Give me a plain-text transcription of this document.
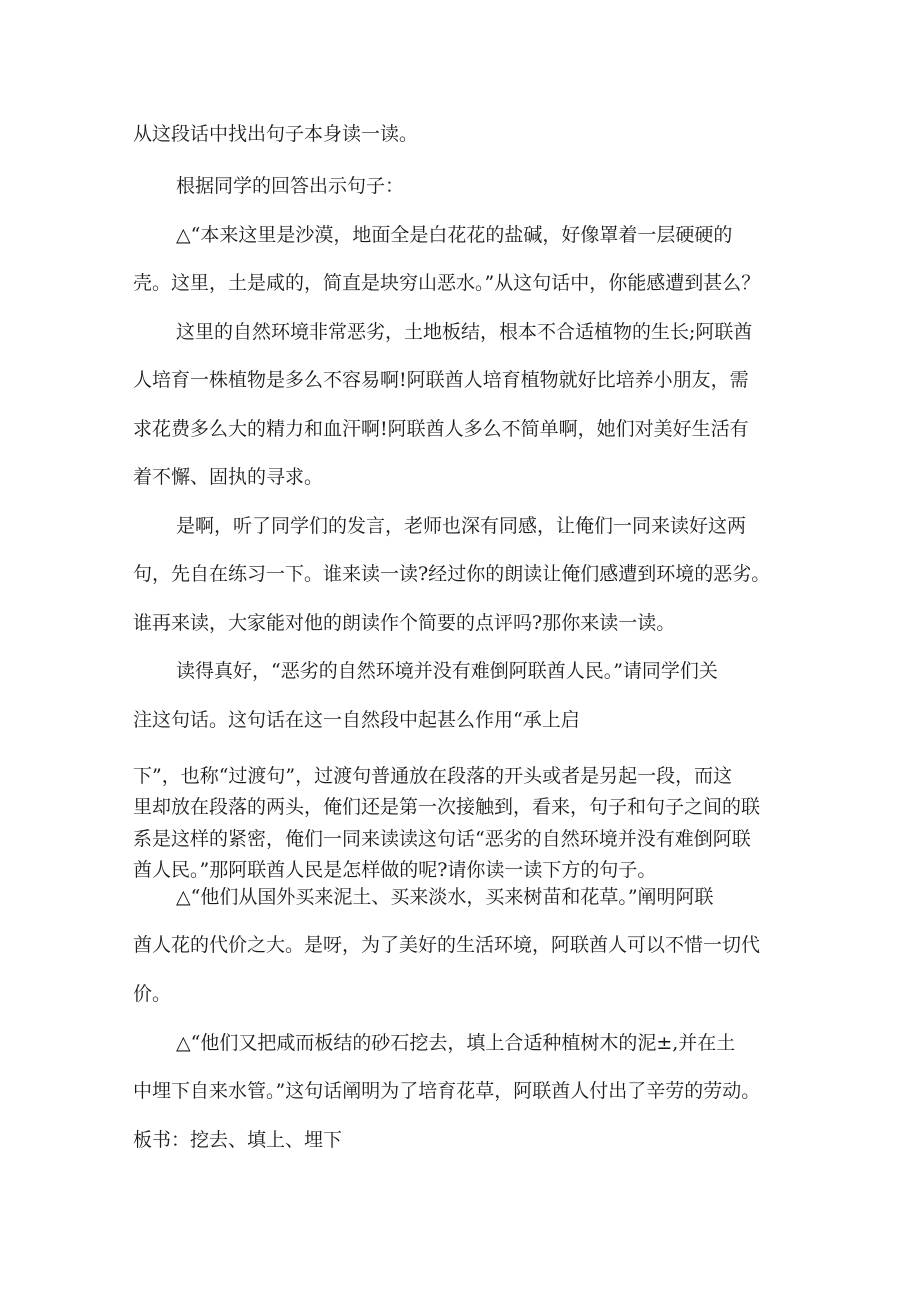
从这段话中找出句子本身读一读。
根据同学的回答出示句子：
△“本来这里是沙漠，地面全是白花花的盐碱，好像罩着一层硬硬的
壳。这里，土是咸的，简直是块穷山恶水。”从这句话中，你能感遭到甚么？
这里的自然环境非常恶劣，土地板结，根本不合适植物的生长;阿联酋
人培育一株植物是多么不容易啊!阿联酋人培育植物就好比培养小朋友，需
求花费多么大的精力和血汗啊!阿联酋人多么不简单啊，她们对美好生活有
着不懈、固执的寻求。
是啊，听了同学们的发言，老师也深有同感，让俺们一同来读好这两
句，先自在练习一下。谁来读一读?经过你的朗读让俺们感遭到环境的恶劣。
谁再来读，大家能对他的朗读作个简要的点评吗?那你来读一读。
读得真好，“恶劣的自然环境并没有难倒阿联酋人民。”请同学们关
注这句话。这句话在这一自然段中起甚么作用“承上启
下”，也称“过渡句”，过渡句普通放在段落的开头或者是另起一段，而这
里却放在段落的两头，俺们还是第一次接触到，看来，句子和句子之间的联
系是这样的紧密，俺们一同来读读这句话“恶劣的自然环境并没有难倒阿联
酋人民。”那阿联酋人民是怎样做的呢?请你读一读下方的句子。
△“他们从国外买来泥土、买来淡水，买来树苗和花草。”阐明阿联
酋人花的代价之大。是呀，为了美好的生活环境，阿联酋人可以不惜一切代
价。
△“他们又把咸而板结的砂石挖去，填上合适种植树木的泥±,并在土
中埋下自来水管。”这句话阐明为了培育花草，阿联酋人付出了辛劳的劳动。
板书：挖去、填上、埋下
